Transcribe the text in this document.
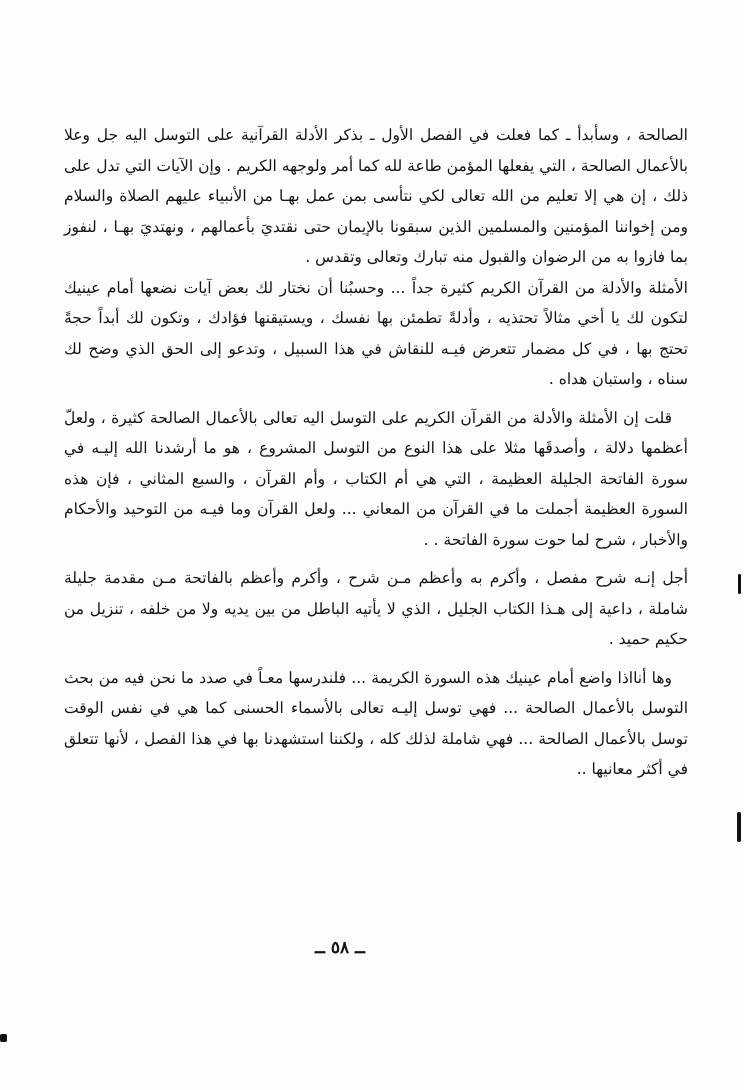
الصالحة ، وسأبدأ ـ كما فعلت في الفصل الأول ـ بذكر الأدلة القرآنية على التوسل اليه جل وعلا بالأعمال الصالحة ، التي يفعلها المؤمن طاعة لله كما أمر ولوجهه الكريم . وإن الآيات التي تدل على ذلك ، إن هي إلا تعليم من الله تعالى لكي نتأسى بمن عمل بهـا من الأنبياء عليهم الصلاة والسلام ومن إخواننا المؤمنين والمسلمين الذين سبقونا بالإيمان حتى نقتديَ بأعمالهم ، ونهتديَ بهـا ، لنفوز بما فازوا به من الرضوان والقبول منه تبارك وتعالى وتقدس .

الأمثلة والأدلة من القرآن الكريم كثيرة جداً ... وحسبُنا أن نختار لك بعض آيات نضعها أمام عينيك لتكون لك يا أخي مثالاً تحتذيه ، وأدلةً تطمئن بها نفسك ، ويستيقنها فؤادك ، وتكون لك أبداً حجةً تحتج بها ، في كل مضمار تتعرض فيـه للنقاش في هذا السبيل ، وتدعو إلى الحق الذي وضح لك سناه ، واستبان هداه .

قلت إن الأمثلة والأدلة من القرآن الكريم على التوسل اليه تعالى بالأعمال الصالحة كثيرة ، ولعلّ أعظمها دلالة ، وأصدقَها مثلا على هذا النوع من التوسل المشروع ، هو ما أرشدنا الله إليـه في سورة الفاتحة الجليلة العظيمة ، التي هي أم الكتاب ، وأم القرآن ، والسبع المثاني ، فإن هذه السورة العظيمة أجملت ما في القرآن من المعاني ... ولعل القرآن وما فيـه من التوحيد والأحكام والأخبار ، شرح لما حوت سورة الفاتحة . .

أجل إنـه شرح مفصل ، وأكرم به وأعظم مـن شرح ، وأكرم وأعظم بالفاتحة مـن مقدمة جليلة شاملة ، داعية إلى هـذا الكتاب الجليل ، الذي لا يأتيه الباطل من بين يديه ولا من خلفه ، تنزيل من حكيم حميد .

وها أنااذا واضع أمام عينيك هذه السورة الكريمة ... فلندرسها معـاً في صدد ما نحن فيه من بحث التوسل بالأعمال الصالحة ... فهي توسل إليـه تعالى بالأسماء الحسنى كما هي في نفس الوقت توسل بالأعمال الصالحة ... فهي شاملة لذلك كله ، ولكننا استشهدنا بها في هذا الفصل ، لأنها تتعلق في أكثر معانيها ..

ــ ٥٨ ــ
